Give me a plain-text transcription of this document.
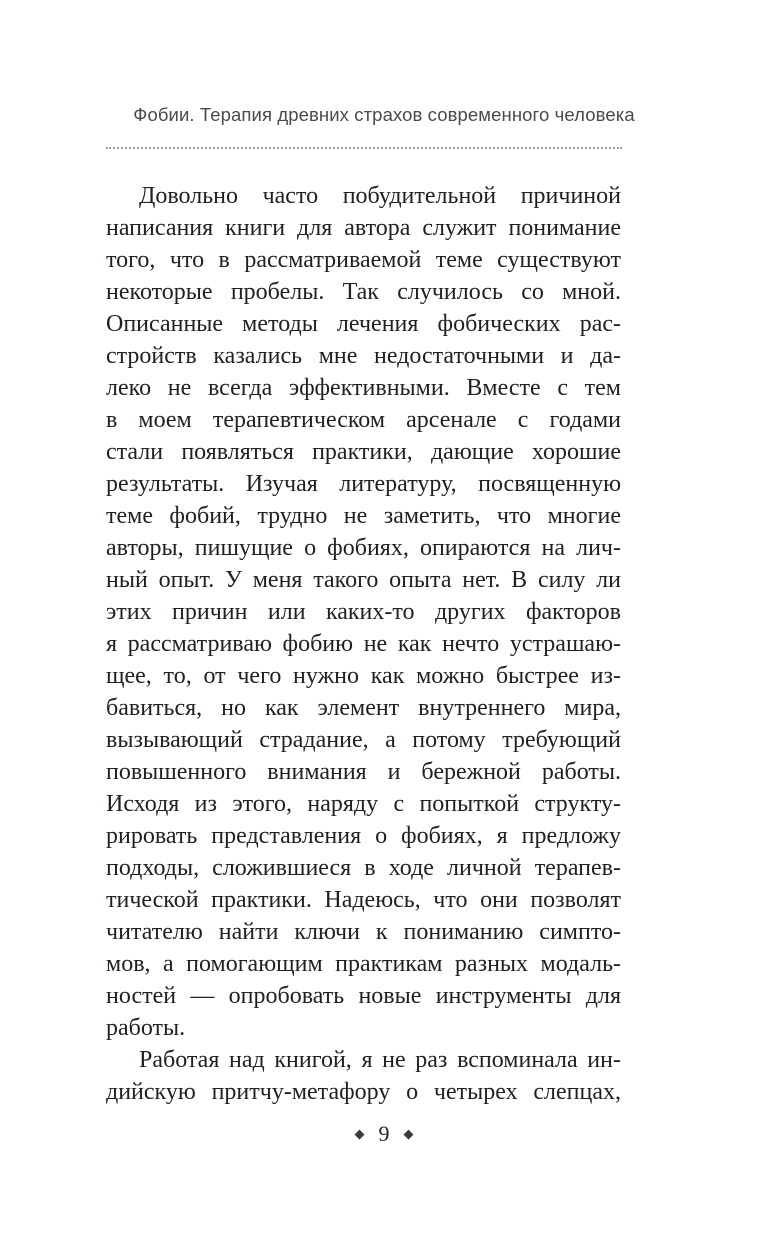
Фобии. Терапия древних страхов современного человека
Довольно часто побудительной причиной
написания книги для автора служит понимание
того, что в рассматриваемой теме существуют
некоторые пробелы. Так случилось со мной.
Описанные методы лечения фобических рас-
стройств казались мне недостаточными и да-
леко не всегда эффективными. Вместе с тем
в моем терапевтическом арсенале с годами
стали появляться практики, дающие хорошие
результаты. Изучая литературу, посвященную
теме фобий, трудно не заметить, что многие
авторы, пишущие о фобиях, опираются на лич-
ный опыт. У меня такого опыта нет. В силу ли
этих причин или каких-то других факторов
я рассматриваю фобию не как нечто устрашаю-
щее, то, от чего нужно как можно быстрее из-
бавиться, но как элемент внутреннего мира,
вызывающий страдание, а потому требующий
повышенного внимания и бережной работы.
Исходя из этого, наряду с попыткой структу-
рировать представления о фобиях, я предложу
подходы, сложившиеся в ходе личной терапев-
тической практики. Надеюсь, что они позволят
читателю найти ключи к пониманию симпто-
мов, а помогающим практикам разных модаль-
ностей — опробовать новые инструменты для
работы.
Работая над книгой, я не раз вспоминала ин-
дийскую притчу-метафору о четырех слепцах,
◆ 9 ◆
